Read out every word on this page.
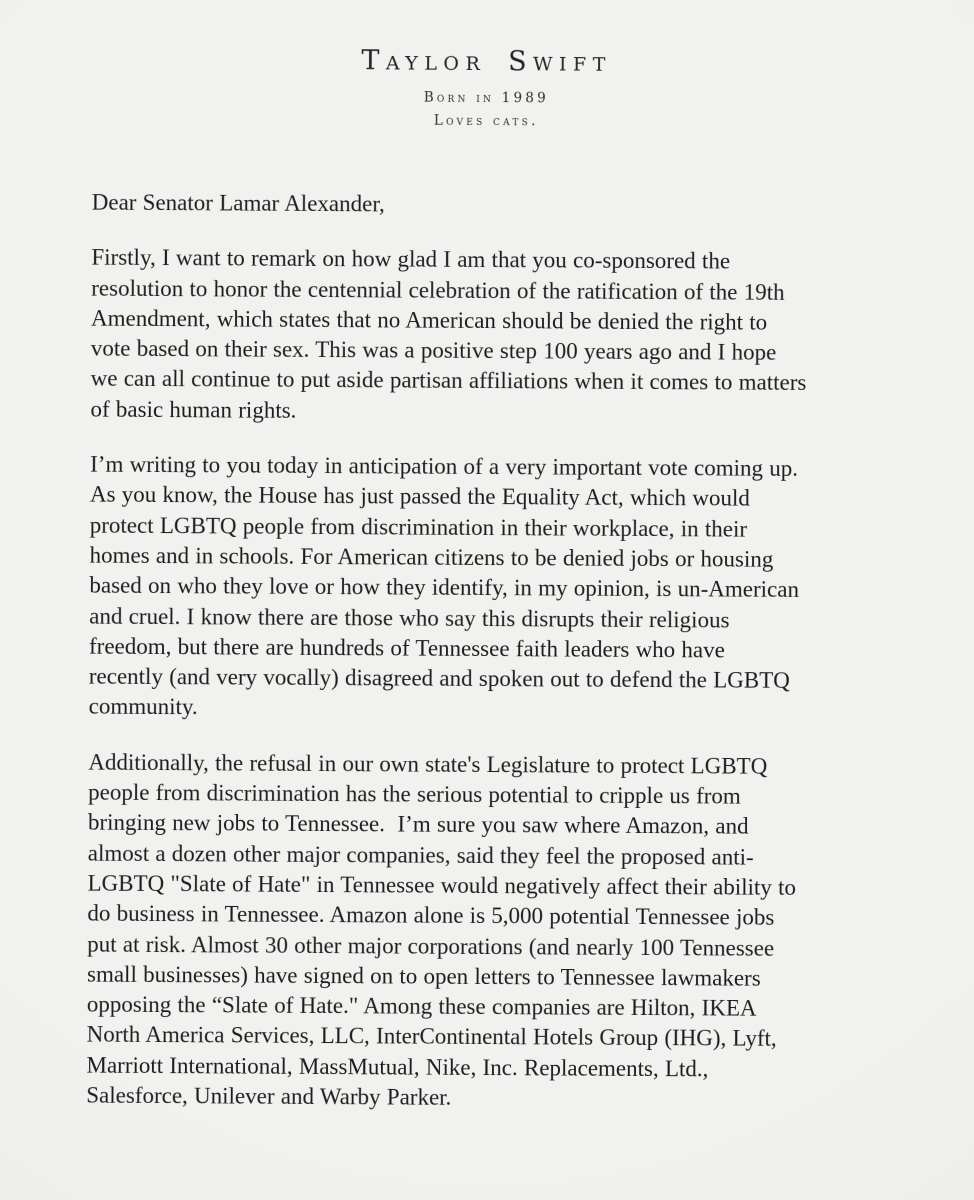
Taylor Swift
Born in 1989
Loves cats.
Dear Senator Lamar Alexander,
Firstly, I want to remark on how glad I am that you co-sponsored the
resolution to honor the centennial celebration of the ratification of the 19th
Amendment, which states that no American should be denied the right to
vote based on their sex. This was a positive step 100 years ago and I hope
we can all continue to put aside partisan affiliations when it comes to matters
of basic human rights.
I’m writing to you today in anticipation of a very important vote coming up.
As you know, the House has just passed the Equality Act, which would
protect LGBTQ people from discrimination in their workplace, in their
homes and in schools. For American citizens to be denied jobs or housing
based on who they love or how they identify, in my opinion, is un-American
and cruel. I know there are those who say this disrupts their religious
freedom, but there are hundreds of Tennessee faith leaders who have
recently (and very vocally) disagreed and spoken out to defend the LGBTQ
community.
Additionally, the refusal in our own state's Legislature to protect LGBTQ
people from discrimination has the serious potential to cripple us from
bringing new jobs to Tennessee.  I’m sure you saw where Amazon, and
almost a dozen other major companies, said they feel the proposed anti-
LGBTQ "Slate of Hate" in Tennessee would negatively affect their ability to
do business in Tennessee. Amazon alone is 5,000 potential Tennessee jobs
put at risk. Almost 30 other major corporations (and nearly 100 Tennessee
small businesses) have signed on to open letters to Tennessee lawmakers
opposing the “Slate of Hate." Among these companies are Hilton, IKEA
North America Services, LLC, InterContinental Hotels Group (IHG), Lyft,
Marriott International, MassMutual, Nike, Inc. Replacements, Ltd.,
Salesforce, Unilever and Warby Parker.
